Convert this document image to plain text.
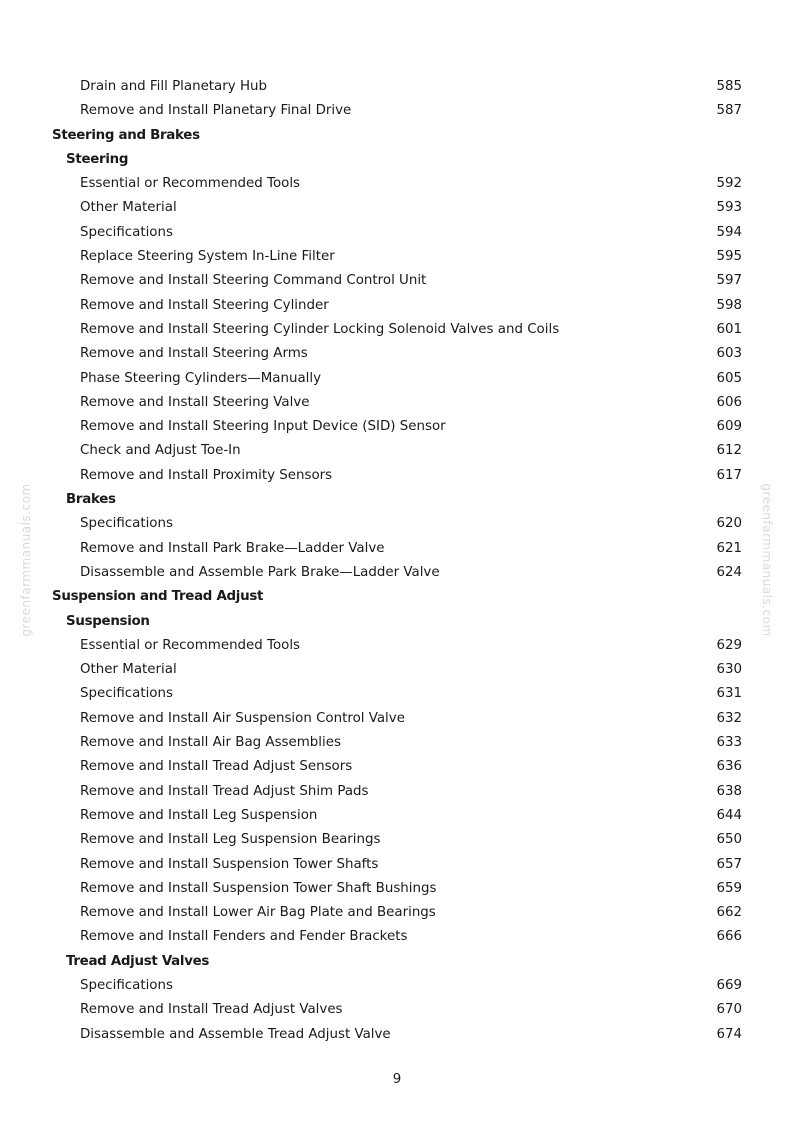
greenfarmmanuals.com	greenfarmmanuals.com
Drain and Fill Planetary Hub	585
Remove and Install Planetary Final Drive	587
Steering and Brakes
Steering
Essential or Recommended Tools	592
Other Material	593
Specifications	594
Replace Steering System In-Line Filter	595
Remove and Install Steering Command Control Unit	597
Remove and Install Steering Cylinder	598
Remove and Install Steering Cylinder Locking Solenoid Valves and Coils	601
Remove and Install Steering Arms	603
Phase Steering Cylinders—Manually	605
Remove and Install Steering Valve	606
Remove and Install Steering Input Device (SID) Sensor	609
Check and Adjust Toe-In	612
Remove and Install Proximity Sensors	617
Brakes
Specifications	620
Remove and Install Park Brake—Ladder Valve	621
Disassemble and Assemble Park Brake—Ladder Valve	624
Suspension and Tread Adjust
Suspension
Essential or Recommended Tools	629
Other Material	630
Specifications	631
Remove and Install Air Suspension Control Valve	632
Remove and Install Air Bag Assemblies	633
Remove and Install Tread Adjust Sensors	636
Remove and Install Tread Adjust Shim Pads	638
Remove and Install Leg Suspension	644
Remove and Install Leg Suspension Bearings	650
Remove and Install Suspension Tower Shafts	657
Remove and Install Suspension Tower Shaft Bushings	659
Remove and Install Lower Air Bag Plate and Bearings	662
Remove and Install Fenders and Fender Brackets	666
Tread Adjust Valves
Specifications	669
Remove and Install Tread Adjust Valves	670
Disassemble and Assemble Tread Adjust Valve	674
9
